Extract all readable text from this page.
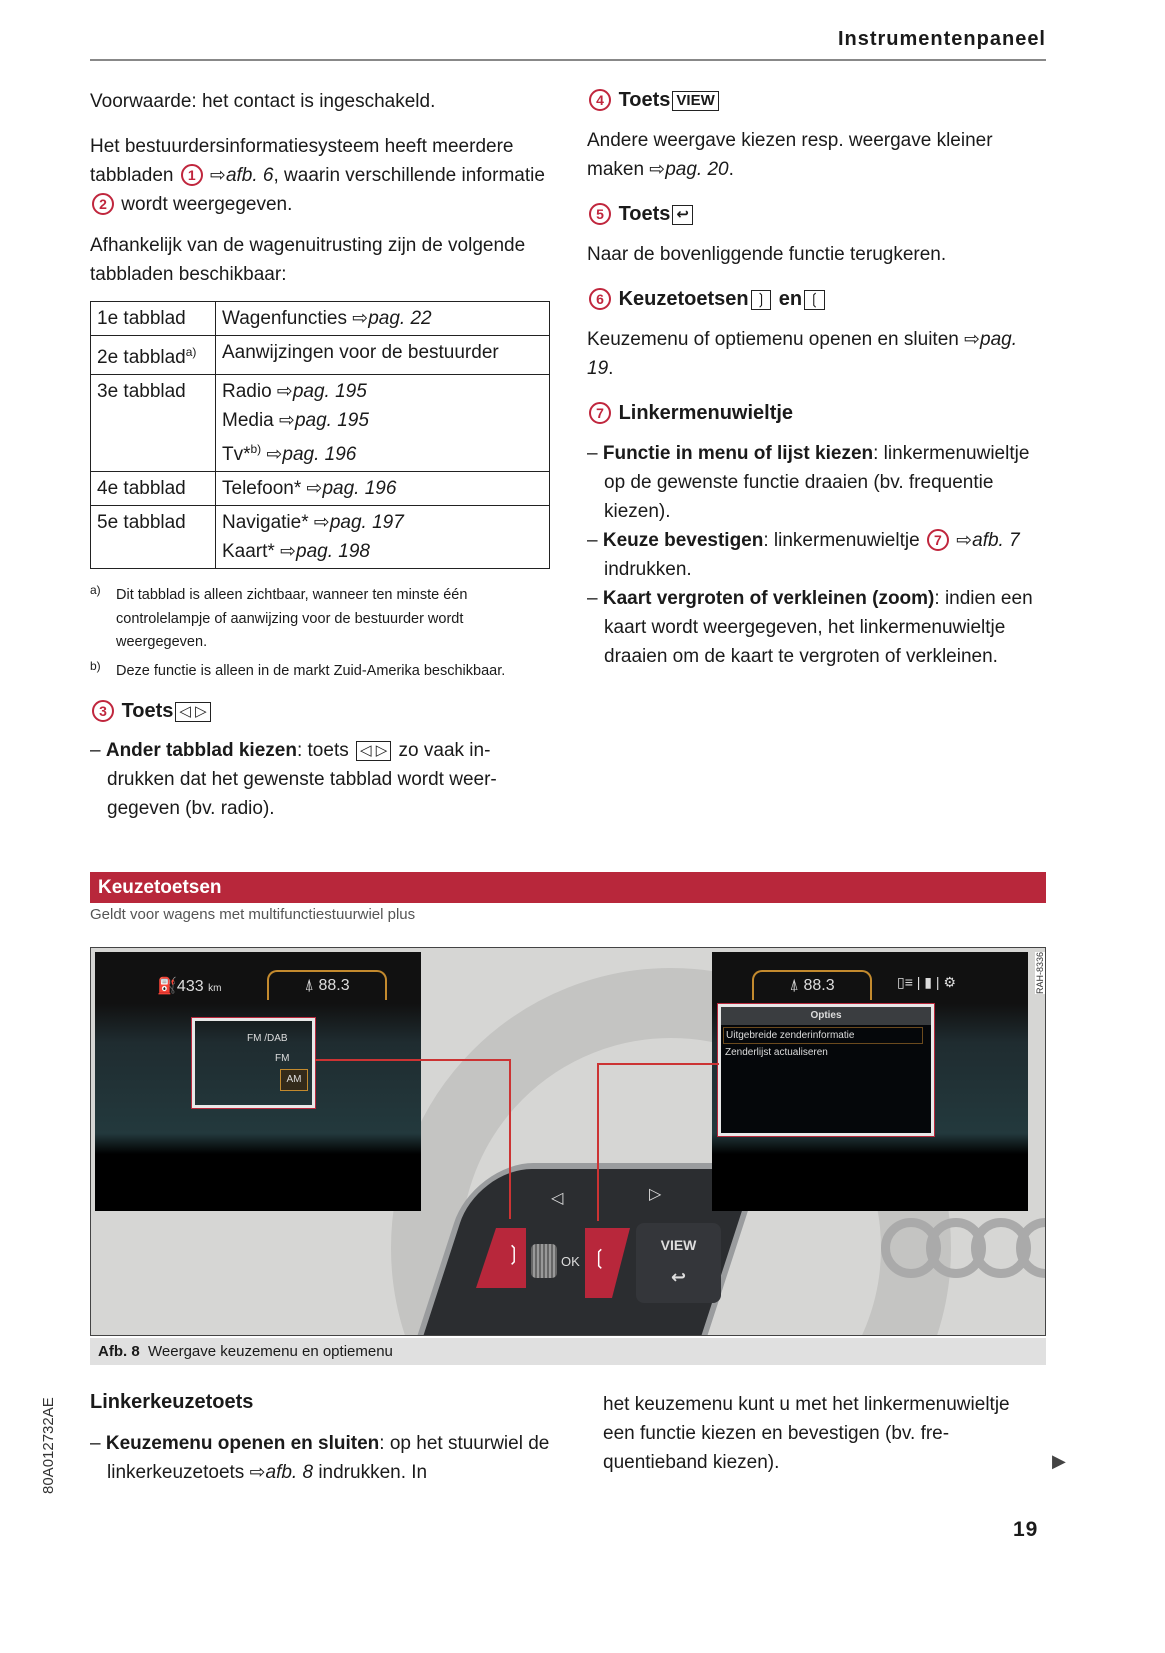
Instrumentenpaneel

Voorwaarde: het contact is ingeschakeld.

Het bestuurdersinformatiesysteem heeft meerdere tabbladen 1 ⇨afb. 6, waarin verschillende informatie 2 wordt weergegeven.

Afhankelijk van de wagenuitrusting zijn de volgende tabbladen beschikbaar:

1e tabblad	Wagenfuncties ⇨pag. 22
2e tabblad$^{a)}$	Aanwijzingen voor de bestuurder
3e tabblad	Radio ⇨pag. 195
Media ⇨pag. 195
Tv*$^{b)}$ ⇨pag. 196
4e tabblad	Telefoon* ⇨pag. 196
5e tabblad	Navigatie* ⇨pag. 197
Kaart* ⇨pag. 198

a) Dit tabblad is alleen zichtbaar, wanneer ten minste één controlelampje of aanwijzing voor de bestuurder wordt weergegeven.

b) Deze functie is alleen in de markt Zuid-Amerika beschikbaar.

3 Toets ◁ ▷

– Ander tabblad kiezen: toets ◁ ▷ zo vaak indrukken dat het gewenste tabblad wordt weergegeven (bv. radio).

4 Toets VIEW

Andere weergave kiezen resp. weergave kleiner maken ⇨pag. 20.

5 Toets ↩

Naar de bovenliggende functie terugkeren.

6 Keuzetoetsen ❳ en ❲

Keuzemenu of optiemenu openen en sluiten ⇨pag. 19.

7 Linkermenuwieltje

– Functie in menu of lijst kiezen: linkermenuwieltje op de gewenste functie draaien (bv. frequentie kiezen).

– Keuze bevestigen: linkermenuwieltje 7 ⇨afb. 7 indrukken.

– Kaart vergroten of verkleinen (zoom): indien een kaart wordt weergegeven, het linkermenuwieltje draaien om de kaart te vergroten of verkleinen.

Keuzetoetsen
Geldt voor wagens met multifunctiestuurwiel plus
◁	▷
❳	OK ❲
VIEW
↩
⛽433 km	⍋ 88.3
FM /DAB
FM
AM
⍋ 88.3	▯≡ | ▮ | ⚙
Opties
Uitgebreide zenderinformatie
Zenderlijst actualiseren
RAH-8336
Afb. 8 Weergave keuzemenu en optiemenu

Linkerkeuzetoets

– Keuzemenu openen en sluiten: op het stuurwiel de linkerkeuzetoets ⇨afb. 8 indrukken. In

het keuzemenu kunt u met het linkermenuwieltje een functie kiezen en bevestigen (bv. frequentieband kiezen).	▶
19
80A012732AE
